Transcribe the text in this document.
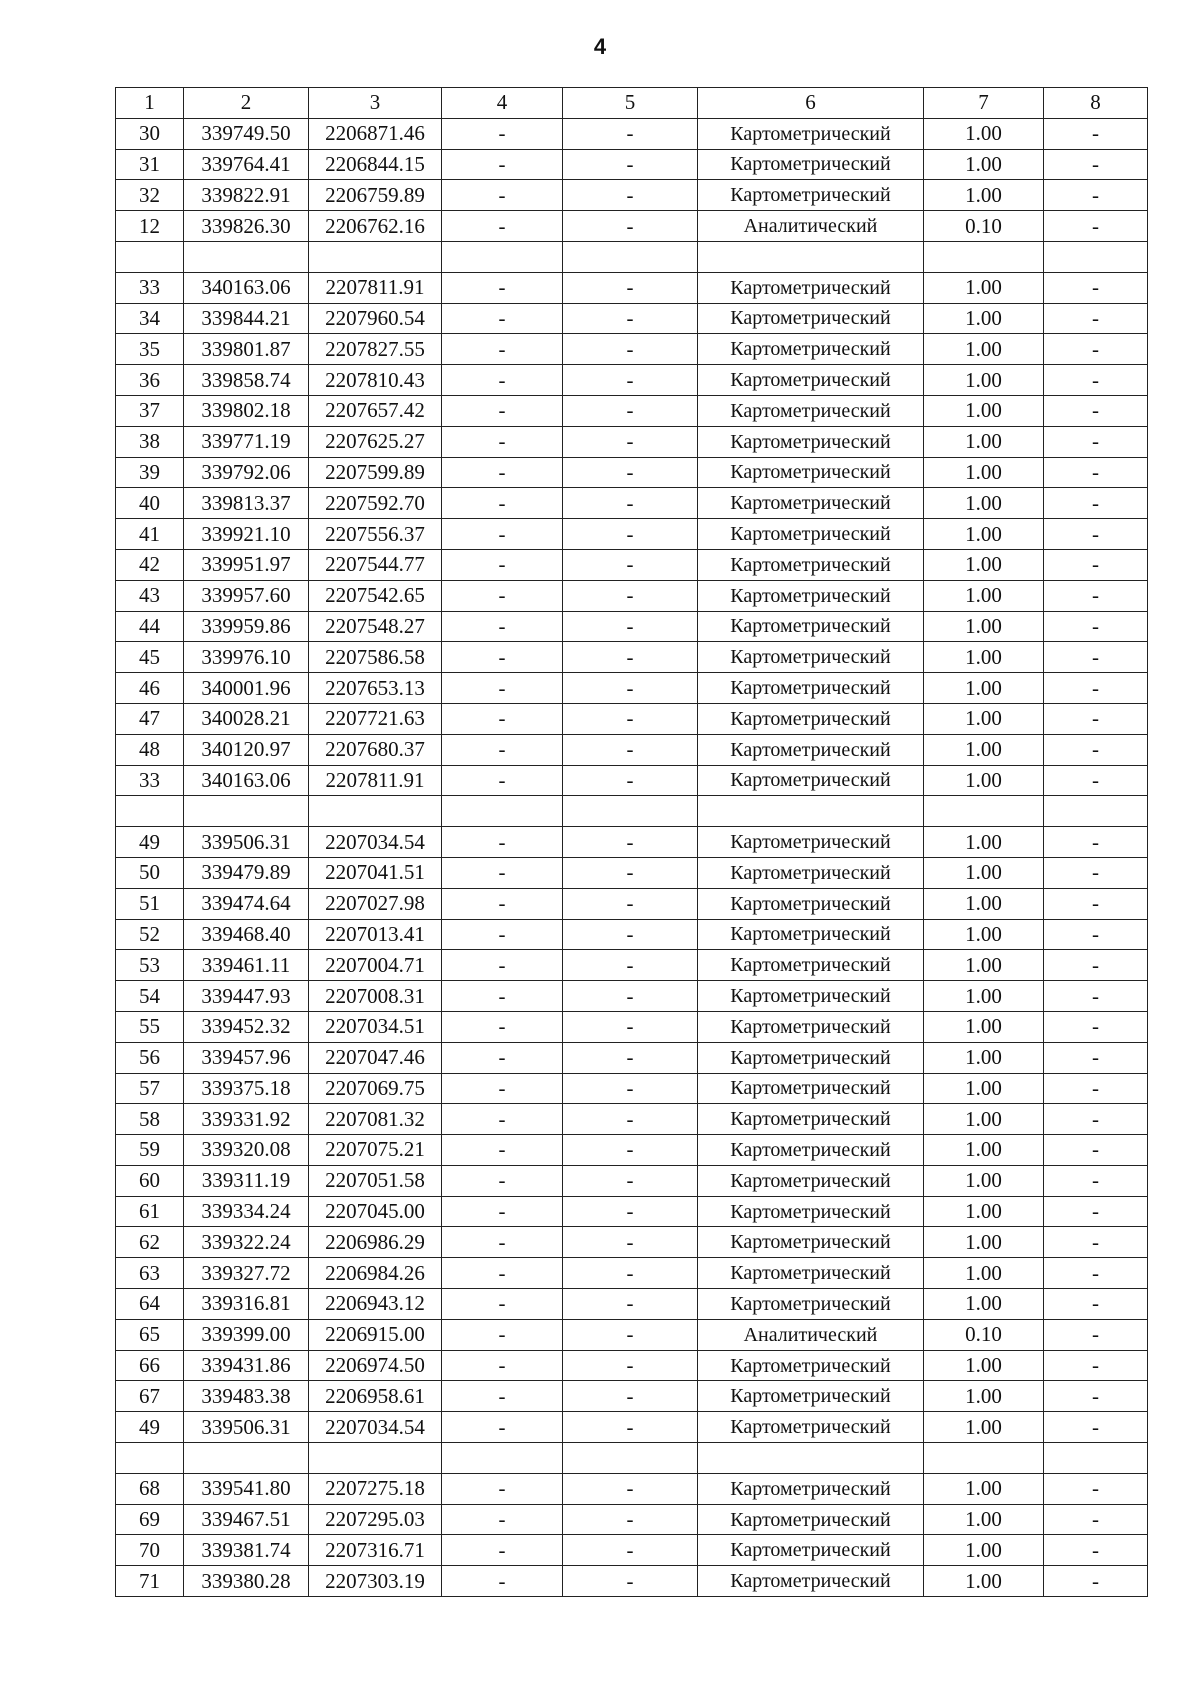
4
1	2	3	4	5	6	7	8
30	339749.50	2206871.46	-	-	Картометрический	1.00	-
31	339764.41	2206844.15	-	-	Картометрический	1.00	-
32	339822.91	2206759.89	-	-	Картометрический	1.00	-
12	339826.30	2206762.16	-	-	Аналитический	0.10	-

33	340163.06	2207811.91	-	-	Картометрический	1.00	-
34	339844.21	2207960.54	-	-	Картометрический	1.00	-
35	339801.87	2207827.55	-	-	Картометрический	1.00	-
36	339858.74	2207810.43	-	-	Картометрический	1.00	-
37	339802.18	2207657.42	-	-	Картометрический	1.00	-
38	339771.19	2207625.27	-	-	Картометрический	1.00	-
39	339792.06	2207599.89	-	-	Картометрический	1.00	-
40	339813.37	2207592.70	-	-	Картометрический	1.00	-
41	339921.10	2207556.37	-	-	Картометрический	1.00	-
42	339951.97	2207544.77	-	-	Картометрический	1.00	-
43	339957.60	2207542.65	-	-	Картометрический	1.00	-
44	339959.86	2207548.27	-	-	Картометрический	1.00	-
45	339976.10	2207586.58	-	-	Картометрический	1.00	-
46	340001.96	2207653.13	-	-	Картометрический	1.00	-
47	340028.21	2207721.63	-	-	Картометрический	1.00	-
48	340120.97	2207680.37	-	-	Картометрический	1.00	-
33	340163.06	2207811.91	-	-	Картометрический	1.00	-

49	339506.31	2207034.54	-	-	Картометрический	1.00	-
50	339479.89	2207041.51	-	-	Картометрический	1.00	-
51	339474.64	2207027.98	-	-	Картометрический	1.00	-
52	339468.40	2207013.41	-	-	Картометрический	1.00	-
53	339461.11	2207004.71	-	-	Картометрический	1.00	-
54	339447.93	2207008.31	-	-	Картометрический	1.00	-
55	339452.32	2207034.51	-	-	Картометрический	1.00	-
56	339457.96	2207047.46	-	-	Картометрический	1.00	-
57	339375.18	2207069.75	-	-	Картометрический	1.00	-
58	339331.92	2207081.32	-	-	Картометрический	1.00	-
59	339320.08	2207075.21	-	-	Картометрический	1.00	-
60	339311.19	2207051.58	-	-	Картометрический	1.00	-
61	339334.24	2207045.00	-	-	Картометрический	1.00	-
62	339322.24	2206986.29	-	-	Картометрический	1.00	-
63	339327.72	2206984.26	-	-	Картометрический	1.00	-
64	339316.81	2206943.12	-	-	Картометрический	1.00	-
65	339399.00	2206915.00	-	-	Аналитический	0.10	-
66	339431.86	2206974.50	-	-	Картометрический	1.00	-
67	339483.38	2206958.61	-	-	Картометрический	1.00	-
49	339506.31	2207034.54	-	-	Картометрический	1.00	-

68	339541.80	2207275.18	-	-	Картометрический	1.00	-
69	339467.51	2207295.03	-	-	Картометрический	1.00	-
70	339381.74	2207316.71	-	-	Картометрический	1.00	-
71	339380.28	2207303.19	-	-	Картометрический	1.00	-
